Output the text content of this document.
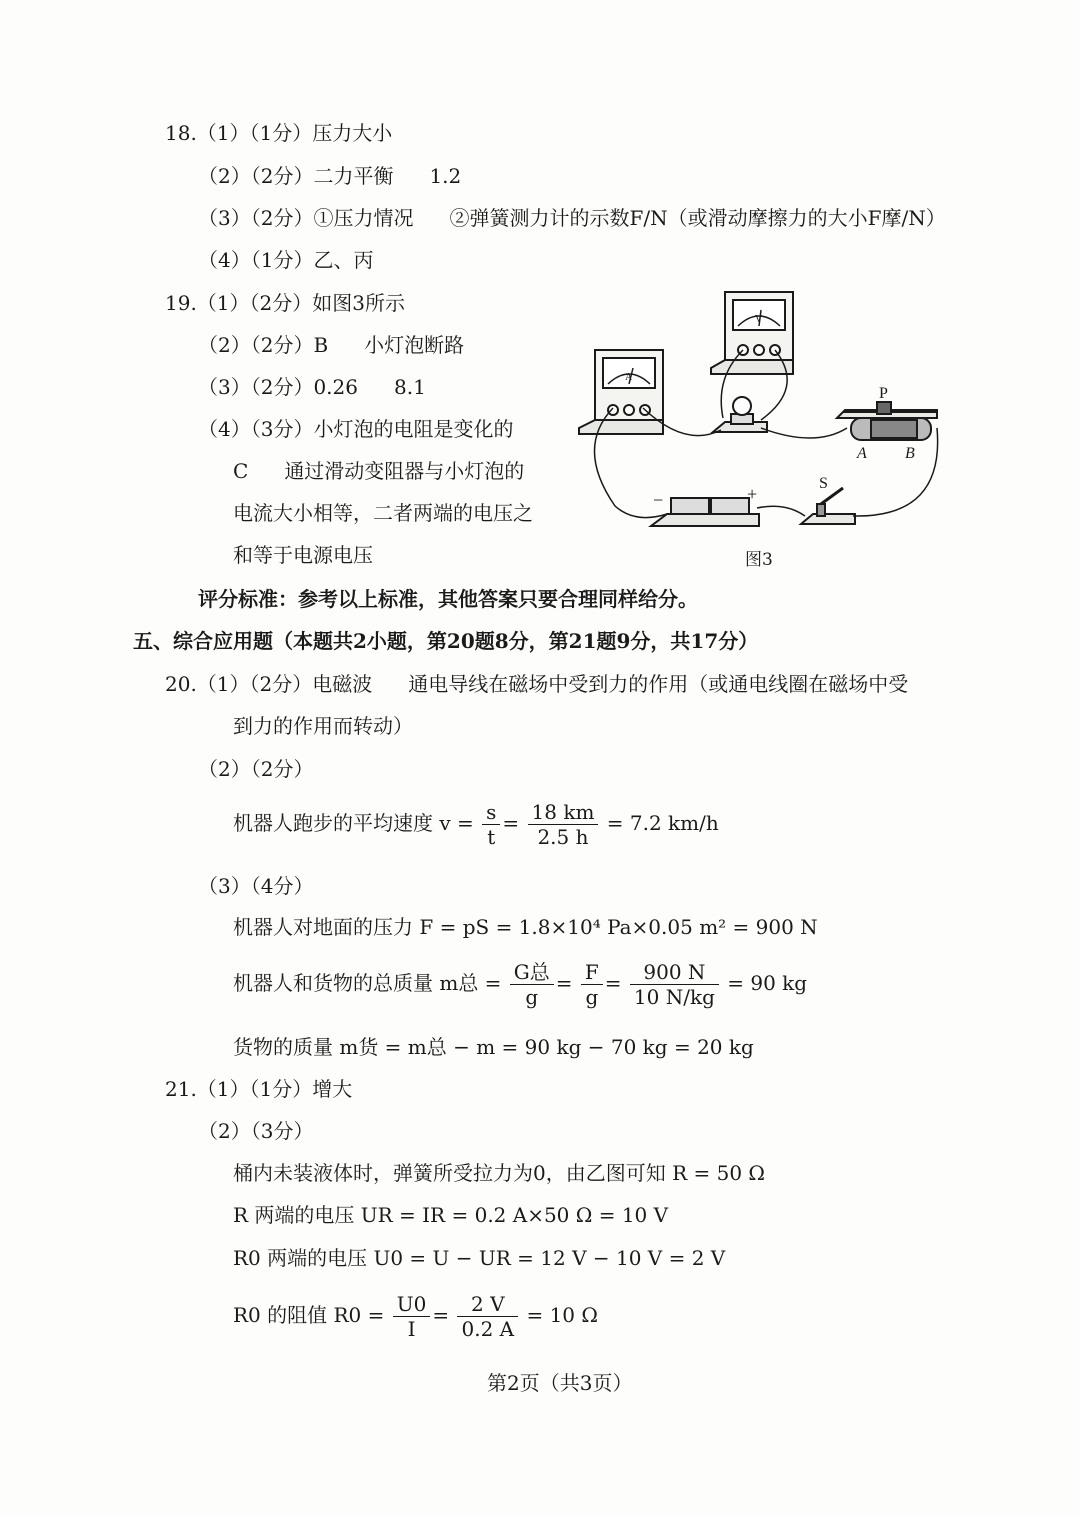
18.（1）（1分）压力大小
（2）（2分）二力平衡 1.2
（3）（2分）①压力情况 ②弹簧测力计的示数F/N（或滑动摩擦力的大小F摩/N）
（4）（1分）乙、丙
19.（1）（2分）如图3所示
（2）（2分）B 小灯泡断路
（3）（2分）0.26 8.1
（4）（3分）小灯泡的电阻是变化的
C 通过滑动变阻器与小灯泡的
电流大小相等，二者两端的电压之
和等于电源电压
A
V
P
A B
S
−	+
图3
评分标准：参考以上标准，其他答案只要合理同样给分。
五、综合应用题（本题共2小题，第20题8分，第21题9分，共17分）
20.（1）（2分）电磁波 通电导线在磁场中受到力的作用（或通电线圈在磁场中受
到力的作用而转动）
（2）（2分）
机器人跑步的平均速度 $v = \frac{s}{t} = \frac{18 km}{2.5 h} = 7.2$ km/h
（3）（4分）
机器人对地面的压力 F = pS = 1.8×10⁴ Pa×0.05 m² = 900 N
机器人和货物的总质量 m总 = $\frac{\text{G总}}{g} = \frac{F}{g} = \frac{900 N}{10 N/kg} = 90$ kg
货物的质量 m货 = m总 − m = 90 kg − 70 kg = 20 kg
21.（1）（1分）增大
（2）（3分）
桶内未装液体时，弹簧所受拉力为0，由乙图可知 R = 50 Ω
R 两端的电压 UR = IR = 0.2 A×50 Ω = 10 V
R0 两端的电压 U0 = U − UR = 12 V − 10 V = 2 V
R0 的阻值 $R0 = \frac{U0}{I} = \frac{2 V}{0.2 A} = 10$ Ω
第2页（共3页）
